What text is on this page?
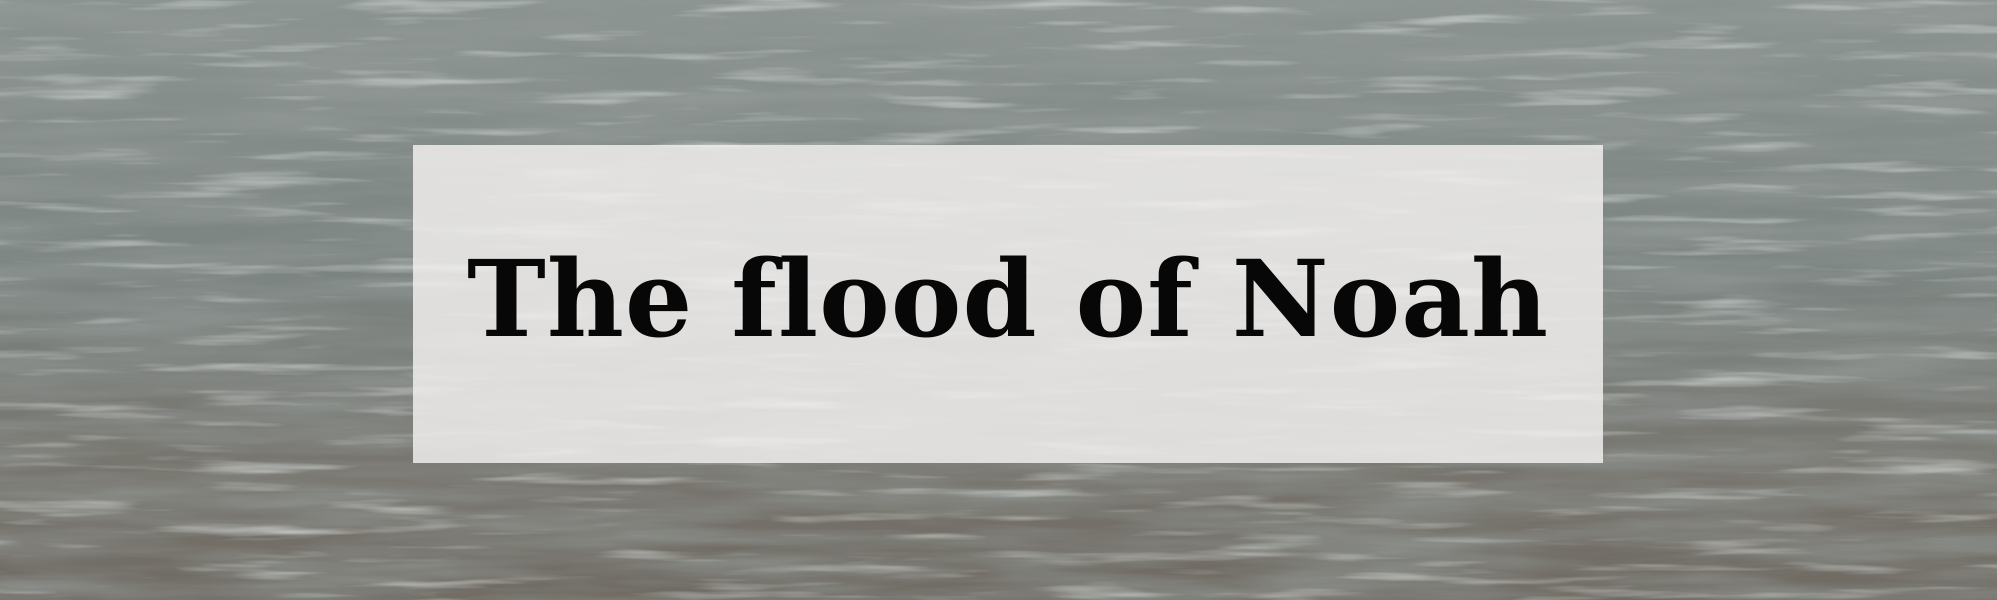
The flood of Noah
